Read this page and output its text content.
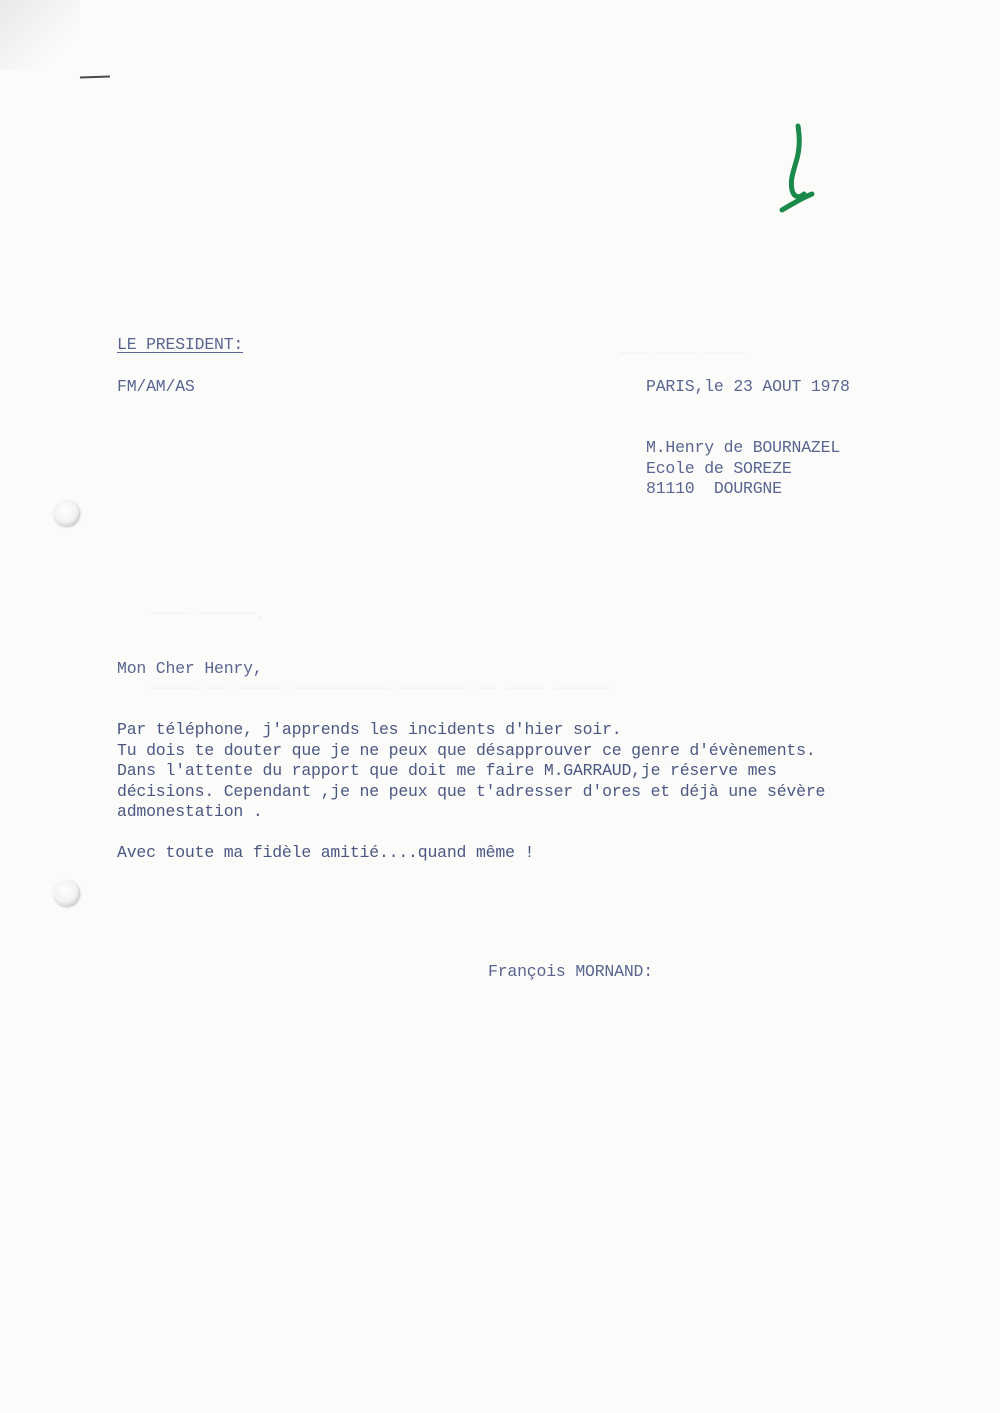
─── ──── ────
──── ──────,
───── ── ───── ────────── ─────── ── ──── ──────
LE PRESIDENT:
FM/AM/AS	PARIS,le 23 AOUT 1978
M.Henry de BOURNAZEL
Ecole de SOREZE
81110  DOURGNE
Mon Cher Henry,
Par téléphone, j'apprends les incidents d'hier soir.
Tu dois te douter que je ne peux que désapprouver ce genre d'évènements.
Dans l'attente du rapport que doit me faire M.GARRAUD,je réserve mes
décisions. Cependant ,je ne peux que t'adresser d'ores et déjà une sévère
admonestation .
Avec toute ma fidèle amitié....quand même !
François MORNAND:
